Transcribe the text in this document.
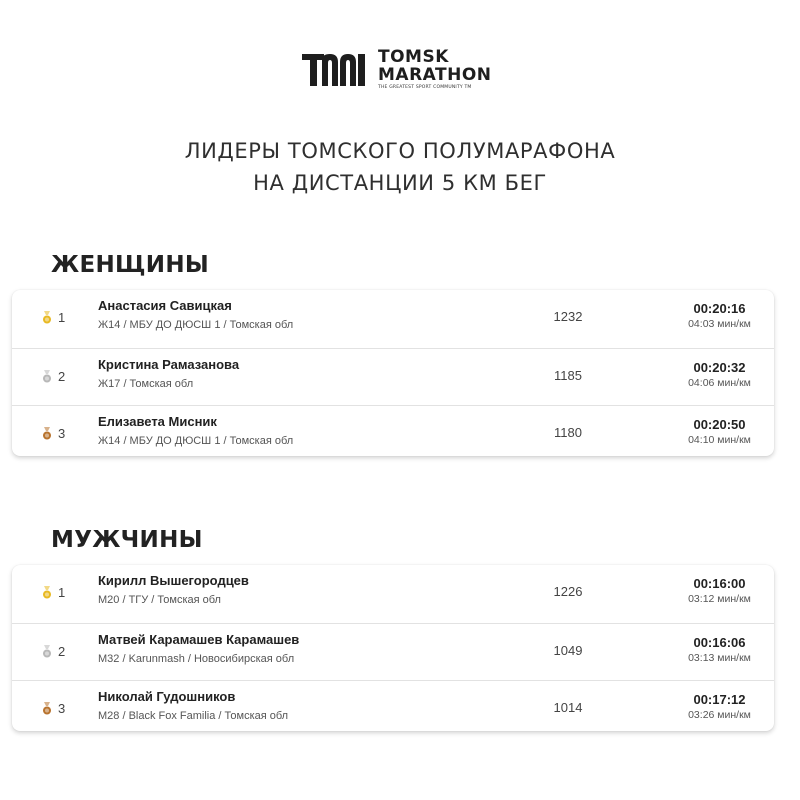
TOMSK
MARATHON
THE GREATEST SPORT COMMUNITY TM
ЛИДЕРЫ ТОМСКОГО ПОЛУМАРАФОНА
НА ДИСТАНЦИИ 5 КМ БЕГ
ЖЕНЩИНЫ
1
Анастасия Савицкая
Ж14 / МБУ ДО ДЮСШ 1 / Томская обл
1232
00:20:16
04:03 мин/км
2
Кристина Рамазанова
Ж17 / Томская обл
1185
00:20:32
04:06 мин/км
3
Елизавета Мисник
Ж14 / МБУ ДО ДЮСШ 1 / Томская обл
1180
00:20:50
04:10 мин/км
МУЖЧИНЫ
1
Кирилл Вышегородцев
М20 / ТГУ / Томская обл
1226
00:16:00
03:12 мин/км
2
Матвей Карамашев Карамашев
М32 / Karunmash / Новосибирская обл
1049
00:16:06
03:13 мин/км
3
Николай Гудошников
М28 / Black Fox Familia / Томская обл
1014
00:17:12
03:26 мин/км
